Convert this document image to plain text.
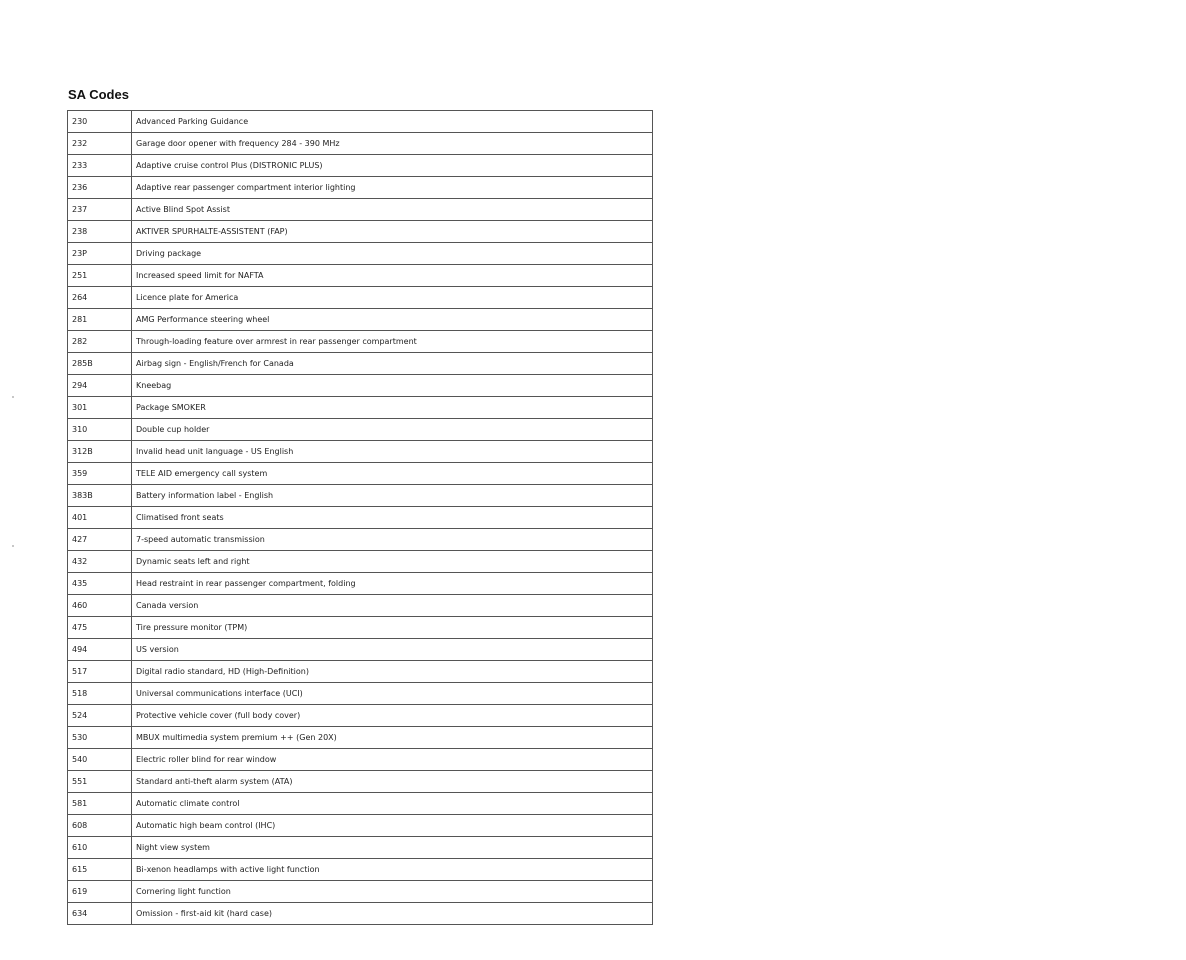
SA Codes
230	Advanced Parking Guidance
232	Garage door opener with frequency 284 - 390 MHz
233	Adaptive cruise control Plus (DISTRONIC PLUS)
236	Adaptive rear passenger compartment interior lighting
237	Active Blind Spot Assist
238	AKTIVER SPURHALTE-ASSISTENT (FAP)
23P	Driving package
251	Increased speed limit for NAFTA
264	Licence plate for America
281	AMG Performance steering wheel
282	Through-loading feature over armrest in rear passenger compartment
285B	Airbag sign - English/French for Canada
294	Kneebag
301	Package SMOKER
310	Double cup holder
312B	Invalid head unit language - US English
359	TELE AID emergency call system
383B	Battery information label - English
401	Climatised front seats
427	7-speed automatic transmission
432	Dynamic seats left and right
435	Head restraint in rear passenger compartment, folding
460	Canada version
475	Tire pressure monitor (TPM)
494	US version
517	Digital radio standard, HD (High-Definition)
518	Universal communications interface (UCI)
524	Protective vehicle cover (full body cover)
530	MBUX multimedia system premium ++ (Gen 20X)
540	Electric roller blind for rear window
551	Standard anti-theft alarm system (ATA)
581	Automatic climate control
608	Automatic high beam control (IHC)
610	Night view system
615	Bi-xenon headlamps with active light function
619	Cornering light function
634	Omission - first-aid kit (hard case)
